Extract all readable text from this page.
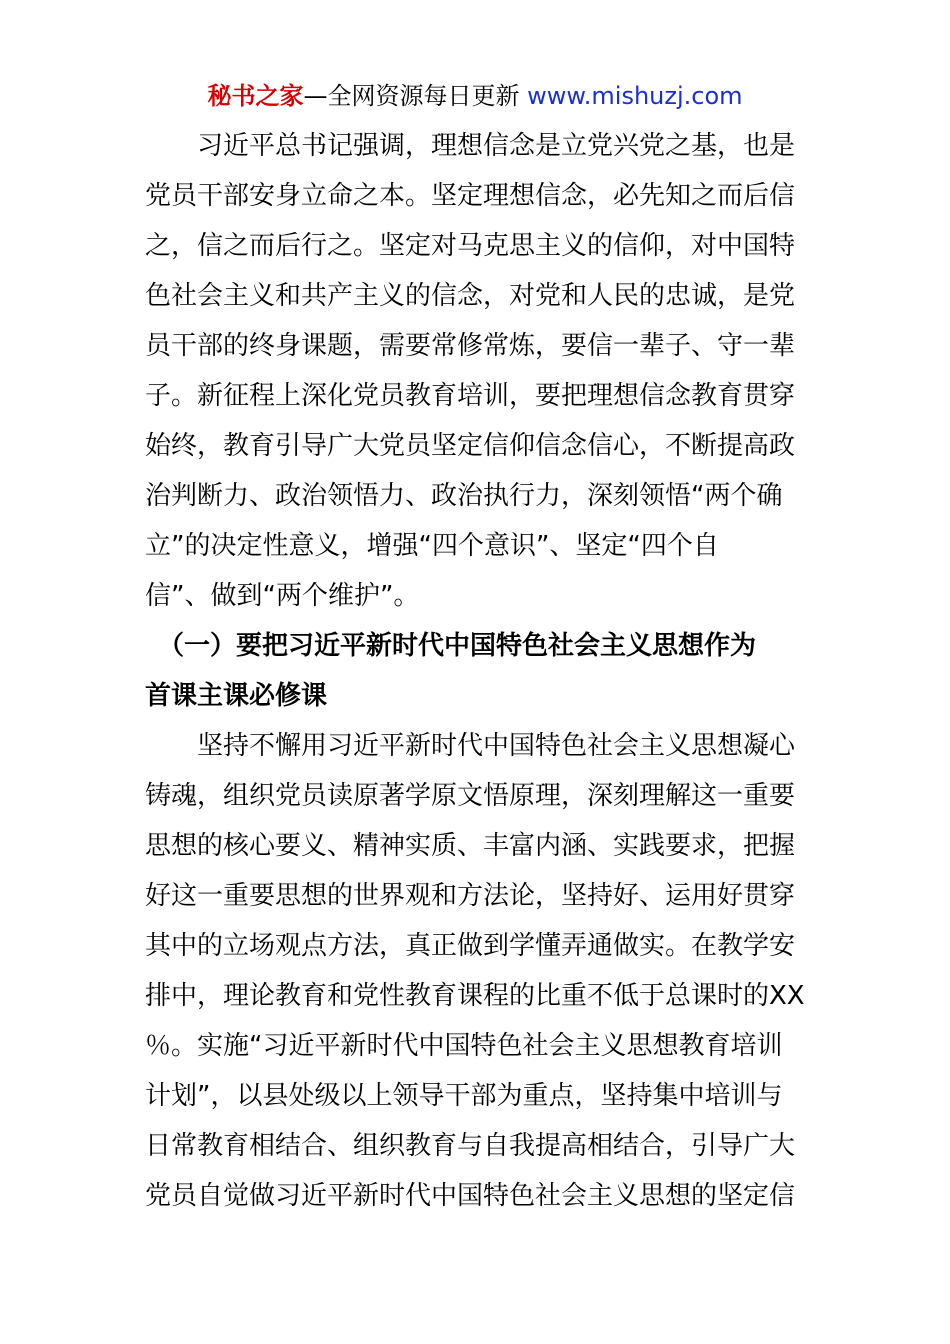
秘书之家—全网资源每日更新 www.mishuzj.com
　　习近平总书记强调，理想信念是立党兴党之基，也是
党员干部安身立命之本。坚定理想信念，必先知之而后信
之，信之而后行之。坚定对马克思主义的信仰，对中国特
色社会主义和共产主义的信念，对党和人民的忠诚，是党
员干部的终身课题，需要常修常炼，要信一辈子、守一辈
子。新征程上深化党员教育培训，要把理想信念教育贯穿
始终，教育引导广大党员坚定信仰信念信心，不断提高政
治判断力、政治领悟力、政治执行力，深刻领悟“两个确
立”的决定性意义，增强“四个意识”、坚定“四个自
信”、做到“两个维护”。
　（一）要把习近平新时代中国特色社会主义思想作为
首课主课必修课
　　坚持不懈用习近平新时代中国特色社会主义思想凝心
铸魂，组织党员读原著学原文悟原理，深刻理解这一重要
思想的核心要义、精神实质、丰富内涵、实践要求，把握
好这一重要思想的世界观和方法论，坚持好、运用好贯穿
其中的立场观点方法，真正做到学懂弄通做实。在教学安
排中，理论教育和党性教育课程的比重不低于总课时的XX
％。实施“习近平新时代中国特色社会主义思想教育培训
计划”，以县处级以上领导干部为重点，坚持集中培训与
日常教育相结合、组织教育与自我提高相结合，引导广大
党员自觉做习近平新时代中国特色社会主义思想的坚定信
